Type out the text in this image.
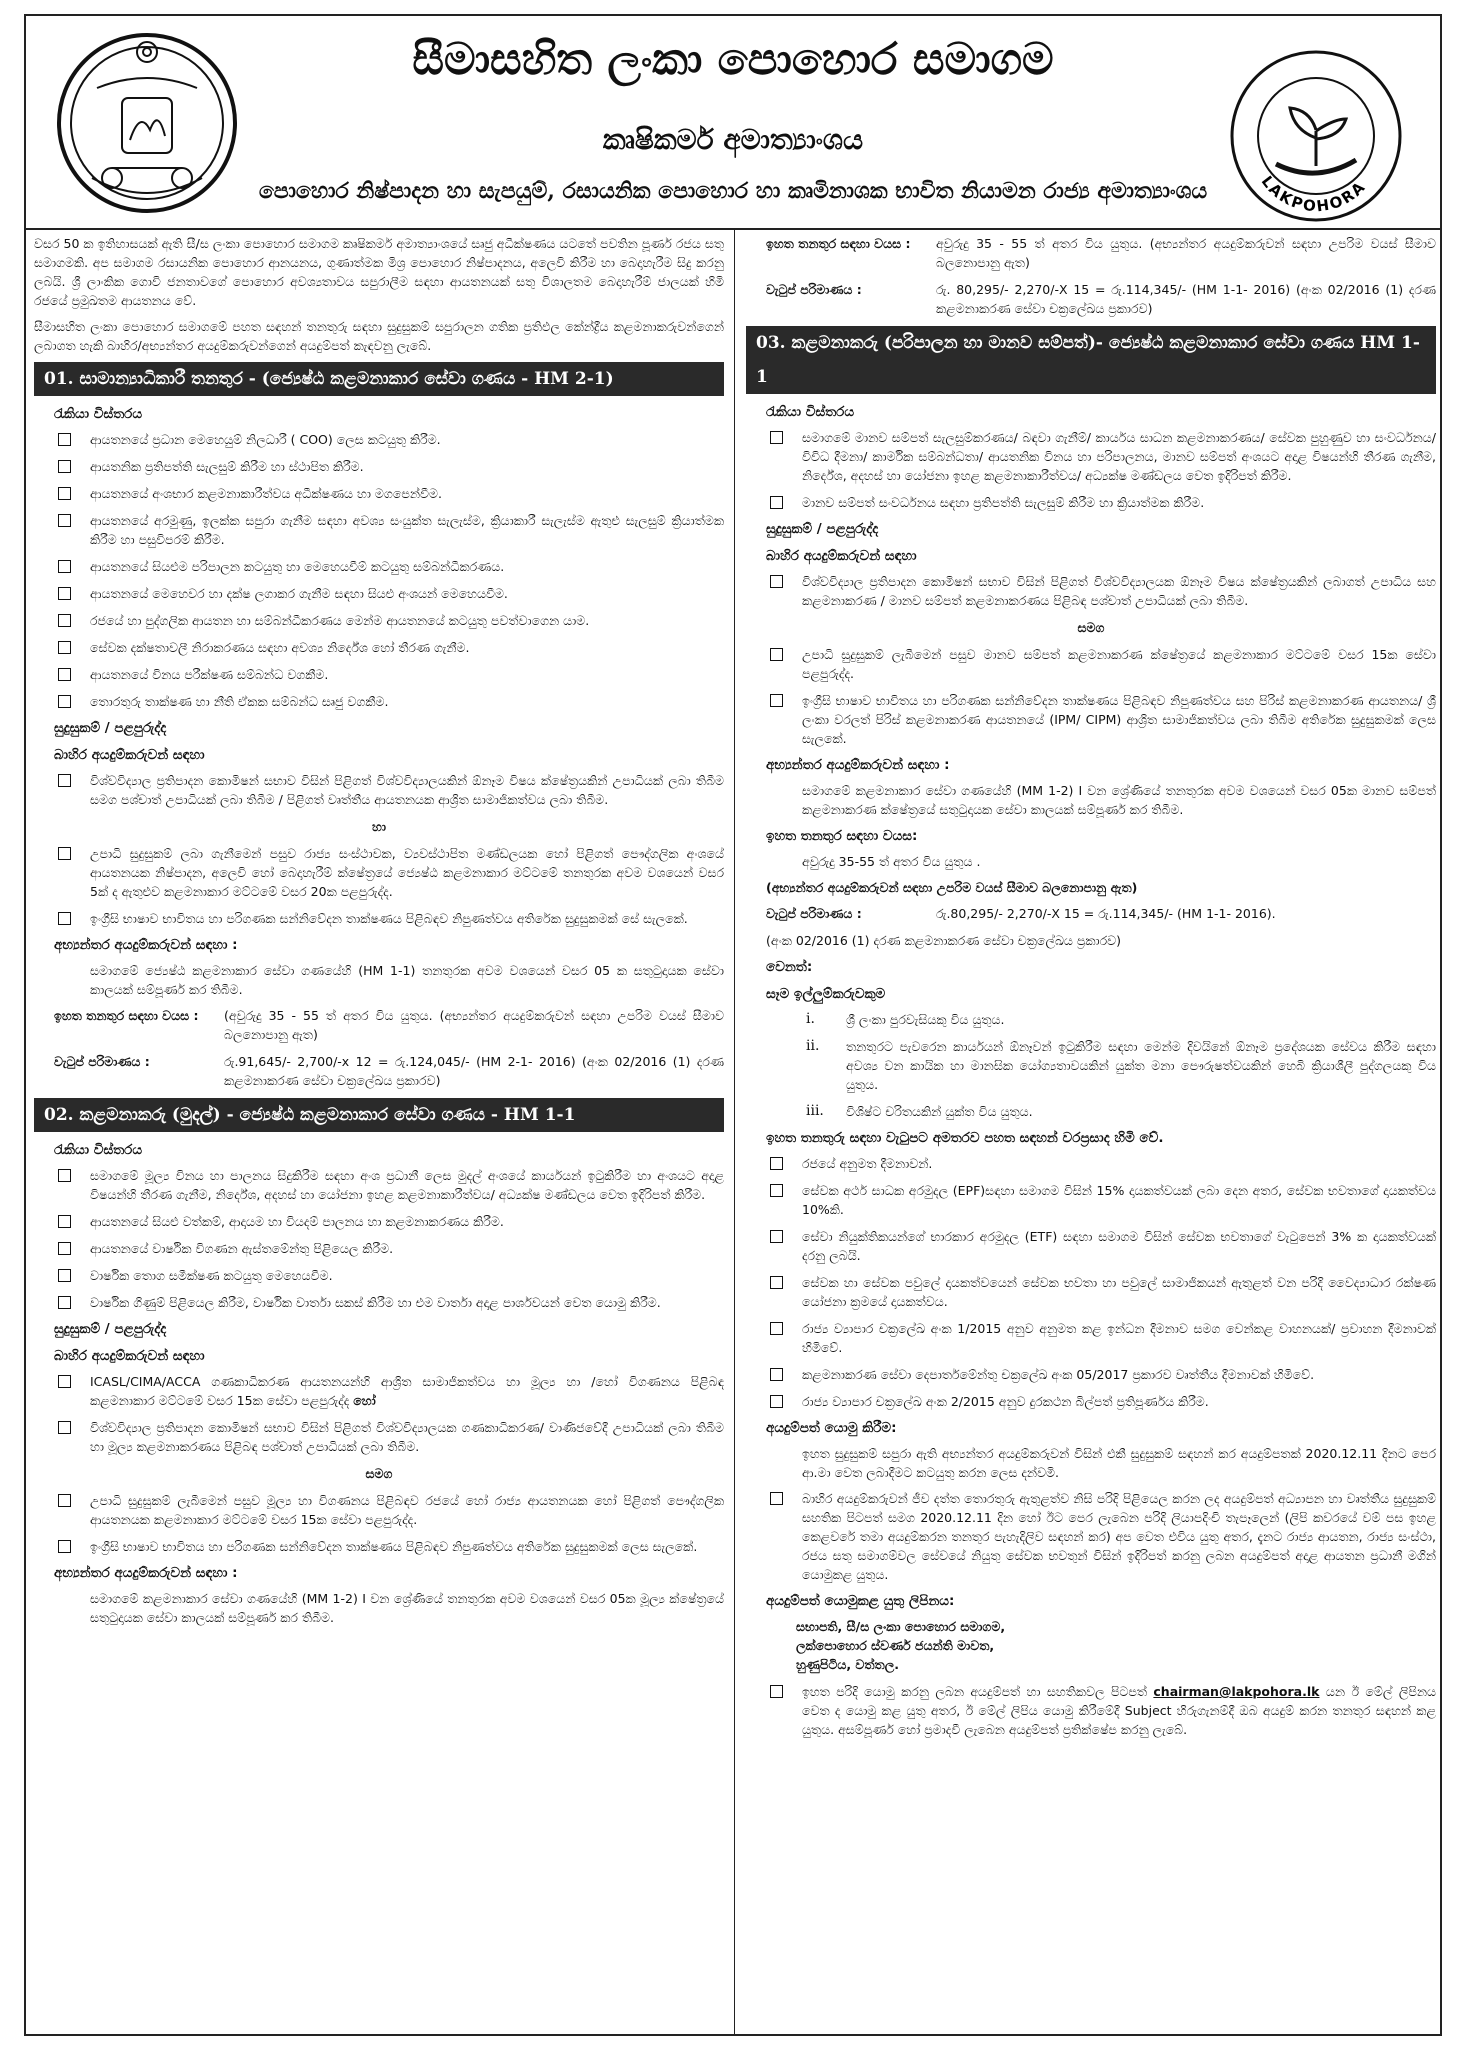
සීමාසහිත ලංකා පොහොර සමාගම
කෘෂිකර්ම අමාත්‍යාංශය
පොහොර නිෂ්පාදන හා සැපයුම්, රසායනික පොහොර හා කෘමිනාශක භාවිත නියාමන රාජ්‍ය අමාත්‍යාංශය	LAKPOHORA

වසර 50 ක ඉතිහාසයක් ඇති සී/ස ලංකා පොහොර සමාගම කෘෂිකර්ම අමාත්‍යාංශයේ සෘජු අධීක්ෂණය යටතේ පවතින පූර්ණ රජය සතු සමාගමකි. අප සමාගම රසායනික පොහොර ආනයනය, ගුණාත්මක මිශ්‍ර පොහොර නිෂ්පාදනය, අලෙවි කිරීම හා බෙදාහැරීම සිදු කරනු ලබයි. ශ්‍රී ලාංකික ගොවි ජනතාවගේ පොහොර අවශ්‍යතාවය සපුරාලීම සඳහා ආයතනයක් සතු විශාලතම බෙදාහැරීම් ජාලයක් හිමි රජයේ ප්‍රමුඛතම ආයතනය වේ.

සීමාසහිත ලංකා පොහොර සමාගමේ පහත සඳහන් තනතුරු සඳහා සුදුසුකම් සපුරාලන ගතික ප්‍රතිඵල කේන්ද්‍රීය කළමනාකරුවන්ගෙන් ලබාගත හැකි බාහිර/අභ්‍යන්තර අයදුම්කරුවන්ගෙන් අයදුම්පත් කැඳවනු ලැබේ.

01. සාමාන්‍යාධිකාරී තනතුර - (ජ්‍යෙෂ්ඨ කළමනාකාර සේවා ගණය - HM 2-1)
රැකියා විස්තරය
ආයතනයේ ප්‍රධාන මෙහෙයුම් නිලධාරී ( COO) ලෙස කටයුතු කිරීම.
ආයතනික ප්‍රතිපත්ති සැලසුම් කිරීම හා ස්ථාපිත කිරීම.
ආයතනයේ අංශභාර කළමනාකාරීත්වය අධීක්ෂණය හා මගපෙන්වීම.
ආයතනයේ අරමුණු, ඉලක්ක සපුරා ගැනීම සඳහා අවශ්‍ය සංයුක්ත සැලැස්ම, ක්‍රියාකාරී සැලැස්ම ඇතුළු සැලසුම් ක්‍රියාත්මක කිරීම හා පසුවිපරම් කිරීම.
ආයතනයේ සියළුම පරිපාලන කටයුතු හා මෙහෙයවීම් කටයුතු සම්බන්ධීකරණය.
ආයතනයේ මෙහෙවර හා දක්ෂ ලගාකර ගැනීම සඳහා සියළු අංශයන් මෙහෙයවීම.
රජයේ හා පුද්ගලික ආයතන හා සම්බන්ධීකරණය මෙන්ම ආයතනයේ කටයුතු පවත්වාගෙන යාම.
සේවක දක්ෂතාවලී නිරාකරණය සඳහා අවශ්‍ය නිර්දේශ හෝ තීරණ ගැනීම.
ආයතනයේ විනය පරීක්ෂණ සම්බන්ධ වගකීම.
තොරතුරු තාක්ෂණ හා නීති ඒකක සම්බන්ධ සෘජු වගකීම.
සුදුසුකම් / පළපුරුද්ද
බාහිර අයදුම්කරුවන් සඳහා
විශ්වවිද්‍යාල ප්‍රතිපාදන කොමිෂන් සභාව විසින් පිළිගත් විශ්වවිද්‍යාලයකින් ඕනෑම විෂය ක්ෂේත්‍රයකින් උපාධියක් ලබා තිබීම සමග පශ්චාත් උපාධියක් ලබා තිබීම / පිළිගත් වෘත්තීය ආයතනයක ආශ්‍රිත සාමාජිකත්වය ලබා තිබීම.
හා
උපාධි සුදුසුකම් ලබා ගැනීමෙන් පසුව රාජ්‍ය සංස්ථාවක, ව්‍යවස්ථාපිත මණ්ඩලයක හෝ පිළිගත් පෞද්ගලික අංශයේ ආයතනයක නිෂ්පාදන, අලෙවි හෝ බෙදාහැරීම් ක්ෂේත්‍රයේ ජ්‍යෙෂ්ඨ කළමනාකාර මට්ටමේ තනතුරක අවම වශයෙන් වසර 5ක් ද ඇතුළුව කළමනාකාර මට්ටමේ වසර 20ක පළපුරුද්ද.
ඉංග්‍රීසි භාෂාව භාවිතය හා පරිගණක සන්නිවේදන තාක්ෂණය පිළිබඳව නිපුණත්වය අතිරේක සුදුසුකමක් සේ සැලකේ.
අභ්‍යන්තර අයදුම්කරුවන් සඳහා :

සමාගමේ ජ්‍යෙෂ්ඨ කළමනාකාර සේවා ගණයේහි (HM 1-1) තනතුරක අවම වශයෙන් වසර 05 ක සතුටුදායක සේවා කාලයක් සම්පූර්ණ කර තිබීම.

ඉහත තනතුර සඳහා වයස :	(අවුරුදු 35 - 55 ත් අතර විය යුතුය. (අභ්‍යන්තර අයදුම්කරුවන් සඳහා උපරිම වයස් සීමාව බලනොපානු ඇත)
වැටුප් පරිමාණය :	රු.91,645/- 2,700/-x 12 = රු.124,045/- (HM 2-1- 2016) (අංක 02/2016 (1) දරණ කළමනාකරණ සේවා චක්‍රලේඛය ප්‍රකාරව)
02. කළමනාකරු (මුදල්) - ජ්‍යෙෂ්ඨ කළමනාකාර සේවා ගණය - HM 1-1
රැකියා විස්තරය
සමාගමේ මූල්‍ය විනය හා පාලනය සිදුකිරීම සඳහා අංශ ප්‍රධානී ලෙස මුදල් අංශයේ කාර්යයන් ඉටුකිරීම හා අංශයට අදාළ විෂයන්හි තීරණ ගැනීම, නිර්දේශ, අදහස් හා යෝජනා ඉහළ කළමනාකාරීත්වය/ අධ්‍යක්ෂ මණ්ඩලය වෙත ඉදිරිපත් කිරීම.
ආයතනයේ සියළු වත්කම්, ආදායම හා වියදම් පාලනය හා කළමනාකරණය කිරීම.
ආයතනයේ වාර්ෂික විගණන ඇස්තමේන්තු පිළියෙල කිරීම.
වාර්ෂික තොග සමීක්ෂණ කටයුතු මෙහෙයවීම.
වාර්ෂික ගිණුම් පිළියෙල කිරීම, වාර්ෂික වාර්තා සකස් කිරීම හා එම වාර්තා අදාළ පාර්ශවයන් වෙත යොමු කිරීම.
සුදුසුකම් / පළපුරුද්ද
බාහිර අයදුම්කරුවන් සඳහා
ICASL/CIMA/ACCA ගණකාධිකරණ ආයතනයන්හි ආශ්‍රිත සාමාජිකත්වය හා මූල්‍ය හා /හෝ විගණනය පිළිබඳ කළමනාකාර මට්ටමේ වසර 15ක සේවා පළපුරුද්ද හෝ
විශ්වවිද්‍යාල ප්‍රතිපාදන කොමිෂන් සභාව විසින් පිළිගත් විශ්වවිද්‍යාලයක ගණකාධිකරණ/ වාණිජවේදී උපාධියක් ලබා තිබීම හා මූල්‍ය කළමනාකරණය පිළිබඳ පශ්චාත් උපාධියක් ලබා තිබීම.
සමග
උපාධි සුදුසුකම් ලැබීමෙන් පසුව මූල්‍ය හා විගණනය පිළිබඳව රජයේ හෝ රාජ්‍ය ආයතනයක හෝ පිළිගත් පෞද්ගලික ආයතනයක කළමනාකාර මට්ටමේ වසර 15ක සේවා පළපුරුද්ද.
ඉංග්‍රීසි භාෂාව භාවිතය හා පරිගණක සන්නිවේදන තාක්ෂණය පිළිබඳව නිපුණත්වය අතිරේක සුදුසුකමක් ලෙස සැලකේ.
අභ්‍යන්තර අයදුම්කරුවන් සඳහා :

සමාගමේ කළමනාකාර සේවා ගණයේහි (MM 1-2) I වන ශ්‍රේණියේ තනතුරක අවම වශයෙන් වසර 05ක මූල්‍ය ක්ෂේත්‍රයේ සතුටුදායක සේවා කාලයක් සම්පූර්ණ කර තිබීම.

ඉහත තනතුර සඳහා වයස :	අවුරුදු 35 - 55 ත් අතර විය යුතුය. (අභ්‍යන්තර අයදුම්කරුවන් සඳහා උපරිම වයස් සීමාව බලනොපානු ඇත)
වැටුප් පරිමාණය :	රු. 80,295/- 2,270/-X 15 = රු.114,345/- (HM 1-1- 2016) (අංක 02/2016 (1) දරණ කළමනාකරණ සේවා චක්‍රලේඛය ප්‍රකාරව)
03. කළමනාකරු (පරිපාලන හා මානව සම්පත්)- ජ්‍යෙෂ්ඨ කළමනාකාර සේවා ගණය HM 1-1
රැකියා විස්තරය
සමාගමේ මානව සම්පත් සැලසුම්කරණය/ බඳවා ගැනීම්/ කාර්යය සාධන කළමනාකරණය/ සේවක පුහුණුව හා සංවර්ධනය/ විවිධ දීමනා/ කාර්මික සම්බන්ධතා/ ආයතනික විනය හා පරිපාලනය, මානව සම්පත් අංශයට අදාළ විෂයන්හි තීරණ ගැනීම, නිර්දේශ, අදහස් හා යෝජනා ඉහළ කළමනාකාරීත්වය/ අධ්‍යක්ෂ මණ්ඩලය වෙත ඉදිරිපත් කිරීම.
මානව සම්පත් සංවර්ධනය සඳහා ප්‍රතිපත්ති සැලසුම් කිරීම හා ක්‍රියාත්මක කිරීම.
සුදුසුකම් / පළපුරුද්ද
බාහිර අයදුම්කරුවන් සඳහා
විශ්වවිද්‍යාල ප්‍රතිපාදන කොමිෂන් සභාව විසින් පිළිගත් විශ්වවිද්‍යාලයක ඕනෑම විෂය ක්ෂේත්‍රයකින් ලබාගත් උපාධිය සහ කළමනාකරණ / මානව සම්පත් කළමනාකරණය පිළිබඳ පශ්චාත් උපාධියක් ලබා තිබීම.
සමග
උපාධි සුදුසුකම් ලැබීමෙන් පසුව මානව සම්පත් කළමනාකරණ ක්ෂේත්‍රයේ කළමනාකාර මට්ටමේ වසර 15ක සේවා පළපුරුද්ද.
ඉංග්‍රීසි භාෂාව භාවිතය හා පරිගණක සන්නිවේදන තාක්ෂණය පිළිබඳව නිපුණත්වය සහ පිරිස් කළමනාකරණ ආයතනය/ ශ්‍රී ලංකා වරලත් පිරිස් කළමනාකරණ ආයතනයේ (IPM/ CIPM) ආශ්‍රිත සාමාජිකත්වය ලබා තිබීම අතිරේක සුදුසුකමක් ලෙස සැලකේ.
අභ්‍යන්තර අයදුම්කරුවන් සඳහා :

සමාගමේ කළමනාකාර සේවා ගණයේහි (MM 1-2) I වන ශ්‍රේණියේ තනතුරක අවම වශයෙන් වසර 05ක මානව සම්පත් කළමනාකරණ ක්ෂේත්‍රයේ සතුටුදායක සේවා කාලයක් සම්පූර්ණ කර තිබීම.

ඉහත තනතුර සඳහා වයස:

අවුරුදු 35-55 ත් අතර විය යුතුය .

(අභ්‍යන්තර අයදුම්කරුවන් සඳහා උපරිම වයස් සීමාව බලනොපානු ඇත)

වැටුප් පරිමාණය :	රු.80,295/- 2,270/-X 15 = රු.114,345/- (HM 1-1- 2016).

(අංක 02/2016 (1) දරණ කළමනාකරණ සේවා චක්‍රලේඛය ප්‍රකාරව)

වෙනත්:
සෑම ඉල්ලුම්කරුවකුම
i.	ශ්‍රී ලංකා පුරවැසියකු විය යුතුය.
ii.	තනතුරට පැවරෙන කාර්යයන් ඕනෑවන් ඉටුකිරීම සඳහා මෙන්ම දිවයිනේ ඕනෑම ප්‍රදේශයක සේවය කිරීම සඳහා අවශ්‍ය වන කායික හා මානසික යෝග්‍යතාවයකින් යුක්ත මනා පෞරුෂත්වයකින් හෙබි ක්‍රියාශීලී පුද්ගලයකු විය යුතුය.
iii.	විශිෂ්ට චරිතයකින් යුක්ත විය යුතුය.
ඉහත තනතුරු සඳහා වැටුපට අමතරව පහත සඳහන් වරප්‍රසාද හිමි වේ.
රජයේ අනුමත දීමනාවන්.
සේවක අර්ථ සාධක අරමුදල (EPF)සඳහා සමාගම විසින් 15% දායකත්වයක් ලබා දෙන අතර, සේවක භවතාගේ දායකත්වය 10%කි.
සේවා නියුක්තිකයන්ගේ භාරකාර අරමුදල (ETF) සඳහා සමාගම විසින් සේවක භවතාගේ වැටුපෙන් 3% ක දායකත්වයක් දරනු ලබයි.
සේවක හා සේවක පවුලේ දායකත්වයෙන් සේවක භවතා හා පවුලේ සාමාජිකයන් ඇතුළත් වන පරිදි වෛද්‍යාධාර රක්ෂණ යෝජනා ක්‍රමයේ දායකත්වය.
රාජ්‍ය ව්‍යාපාර චක්‍රලේඛ අංක 1/2015 අනුව අනුමත කළ ඉන්ධන දීමනාව සමග වෙන්කළ වාහනයක්/ ප්‍රවාහන දීමනාවක් හිමිවේ.
කළමනාකරණ සේවා දෙපාර්තමේන්තු චක්‍රලේඛ අංක 05/2017 ප්‍රකාරව වෘත්තීය දීමනාවක් හිමිවේ.
රාජ්‍ය ව්‍යාපාර චක්‍රලේඛ අංක 2/2015 අනුව දුරකථන බිල්පත් ප්‍රතිපූර්ණය කිරීම.
අයදුම්පත් යොමු කිරීම:

ඉහත සුදුසුකම් සපුරා ඇති අභ්‍යන්තර අයදුම්කරුවන් විසින් එකී සුදුසුකම් සඳහන් කර අයදුම්පතක් 2020.12.11 දිනට පෙර ආ.මා වෙත ලබාදීමට කටයුතු කරන ලෙස දන්වමි.

බාහිර අයදුම්කරුවන් ජීව දත්ත තොරතුරු ඇතුළත්ව නිසි පරිදි පිළියෙල කරන ලද අයදුම්පත් අධ්‍යාපන හා වෘත්තීය සුදුසුකම් සහතික පිටපත් සමග 2020.12.11 දින හෝ ඊට පෙර ලැබෙන පරිදි ලියාපදිංචි තැපෑලෙන් (ලිපි කවරයේ වම් පස ඉහළ කෙළවරේ තමා අයදුම්කරන තනතුර පැහැදිලිව සඳහන් කර) අප වෙත එවිය යුතු අතර, දැනට රාජ්‍ය ආයතන, රාජ්‍ය සංස්ථා, රජය සතු සමාගම්වල සේවයේ නියුතු සේවක භවතුන් විසින් ඉදිරිපත් කරනු ලබන අයදුම්පත් අදාළ ආයතන ප්‍රධානී මගින් යොමුකළ යුතුය.
අයදුම්පත් යොමුකළ යුතු ලිපිනය:
සභාපති, සී/ස ලංකා පොහොර සමාගම,
ලක්පොහොර ස්වර්ණ ජයන්ති මාවත,
හුණුපිටිය, වත්තල.
ඉහත පරිදි යොමු කරනු ලබන අයදුම්පත් හා සහතිකවල පිටපත් chairman@lakpohora.lk යන ඊ මේල් ලිපිනය වෙත ද යොමු කළ යුතු අතර, ඊ මේල් ලිපිය යොමු කිරීමේදී Subject හිරුගැනම්දී ඔබ අයදුම් කරන තනතුර සඳහන් කළ යුතුය. අසම්පූර්ණ හෝ ප්‍රමාදවී ලැබෙන අයදුම්පත් ප්‍රතික්ෂේප කරනු ලැබේ.
